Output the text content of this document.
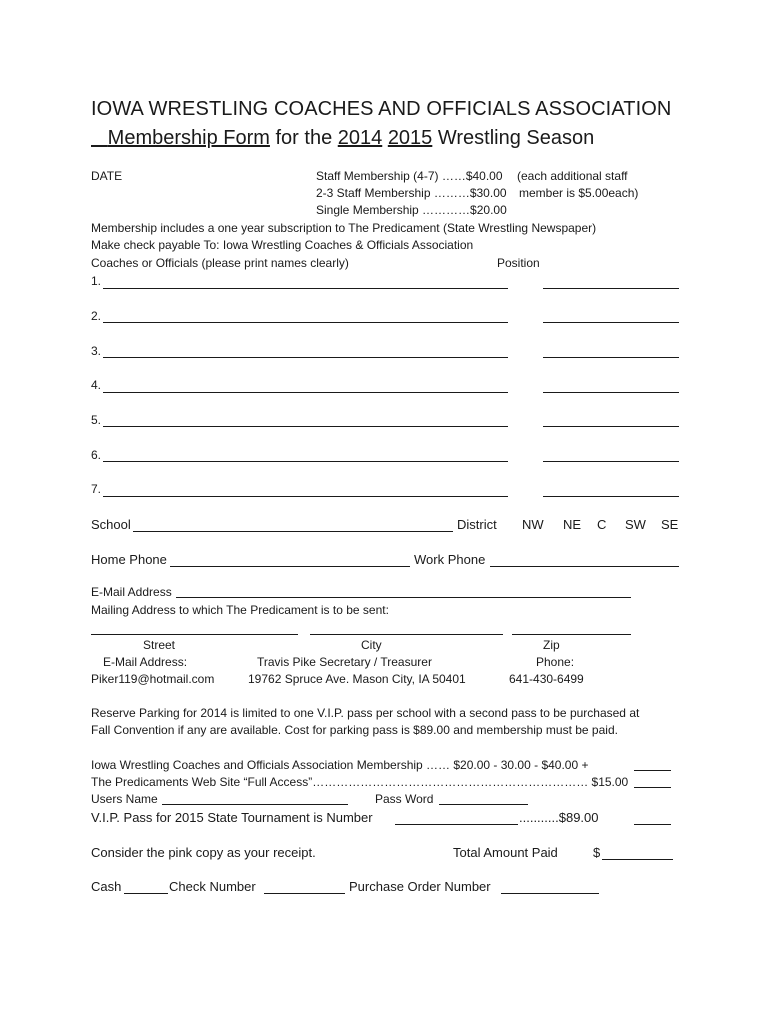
IOWA WRESTLING COACHES AND OFFICIALS ASSOCIATION
Membership Form for the 2014 2015 Wrestling Season
DATE	Staff Membership (4-7) ……$40.00 (each additional staff
2-3 Staff Membership ………$30.00 member is $5.00each)
Single Membership …………$20.00
Membership includes a one year subscription to The Predicament (State Wrestling Newspaper)
Make check payable To: Iowa Wrestling Coaches & Officials Association
Coaches or Officials (please print names clearly)	Position
1.
2.
3.
4.
5.
6.
7.
School	District NW NE C SW SE
Home Phone	Work Phone
E-Mail Address
Mailing Address to which The Predicament is to be sent:
Street	City	Zip
E-Mail Address:	Travis Pike Secretary / Treasurer	Phone:
Piker119@hotmail.com	19762 Spruce Ave. Mason City, IA 50401	641-430-6499
Reserve Parking for 2014 is limited to one V.I.P. pass per school with a second pass to be purchased at
Fall Convention if any are available. Cost for parking pass is $89.00 and membership must be paid.
Iowa Wrestling Coaches and Officials Association Membership …… $20.00 - 30.00 - $40.00 +
The Predicaments Web Site “Full Access”…………………………………………………………… $15.00
Users Name	Pass Word
V.I.P. Pass for 2015 State Tournament is Number	...........$89.00
Consider the pink copy as your receipt.	Total Amount Paid	$
Cash	Check Number	Purchase Order Number
